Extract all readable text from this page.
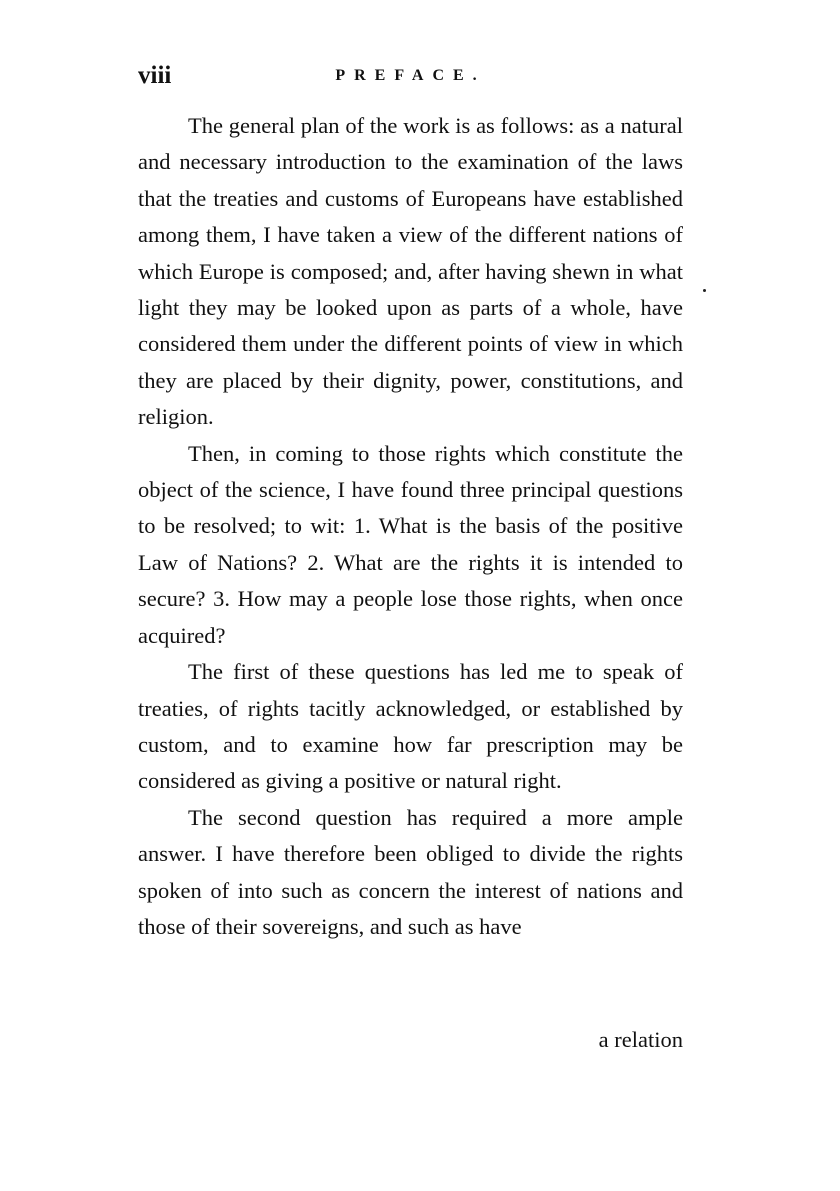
viii	PREFACE.

The general plan of the work is as follows: as a natural and necessary introduction to the examination of the laws that the treaties and customs of Europeans have established among them, I have taken a view of the different nations of which Europe is composed; and, after having shewn in what light they may be looked upon as parts of a whole, have considered them under the different points of view in which they are placed by their dignity, power, constitutions, and religion.

Then, in coming to those rights which constitute the object of the science, I have found three principal questions to be resolved; to wit: 1. What is the basis of the positive Law of Nations? 2. What are the rights it is intended to secure? 3. How may a people lose those rights, when once acquired?

The first of these questions has led me to speak of treaties, of rights tacitly acknowledged, or established by custom, and to examine how far prescription may be considered as giving a positive or natural right.

The second question has required a more ample answer. I have therefore been obliged to divide the rights spoken of into such as concern the interest of nations and those of their sovereigns, and such as have

a relation
